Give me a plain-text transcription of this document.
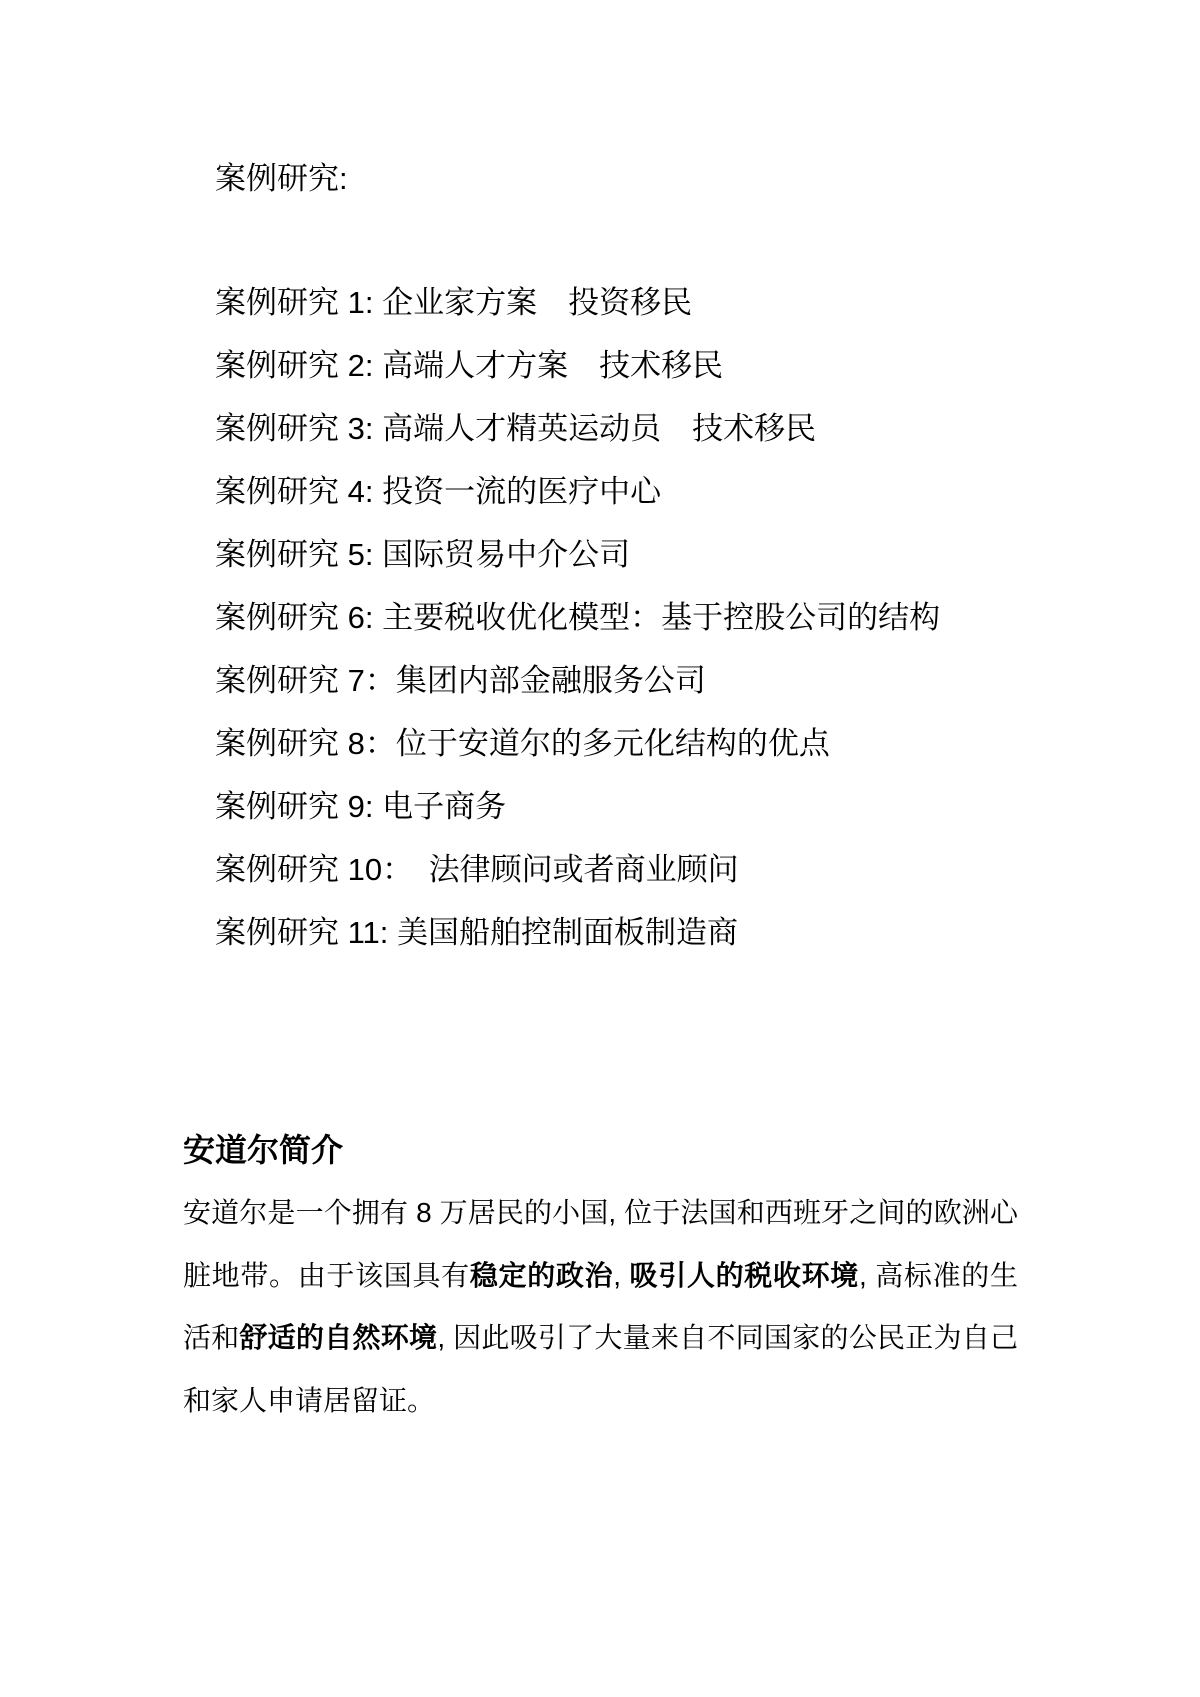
案例研究:
案例研究 1: 企业家方案　投资移民
案例研究 2: 高端人才方案　技术移民
案例研究 3: 高端人才精英运动员　技术移民
案例研究 4: 投资一流的医疗中心
案例研究 5: 国际贸易中介公司
案例研究 6: 主要税收优化模型：基于控股公司的结构
案例研究 7：集团内部金融服务公司
案例研究 8：位于安道尔的多元化结构的优点
案例研究 9: 电子商务
案例研究 10：　法律顾问或者商业顾问
案例研究 11: 美国船舶控制面板制造商
安道尔简介

安道尔是一个拥有 8 万居民的小国, 位于法国和西班牙之间的欧洲心脏地带。由于该国具有稳定的政治, 吸引人的税收环境, 高标准的生活和舒适的自然环境, 因此吸引了大量来自不同国家的公民正为自己和家人申请居留证。
